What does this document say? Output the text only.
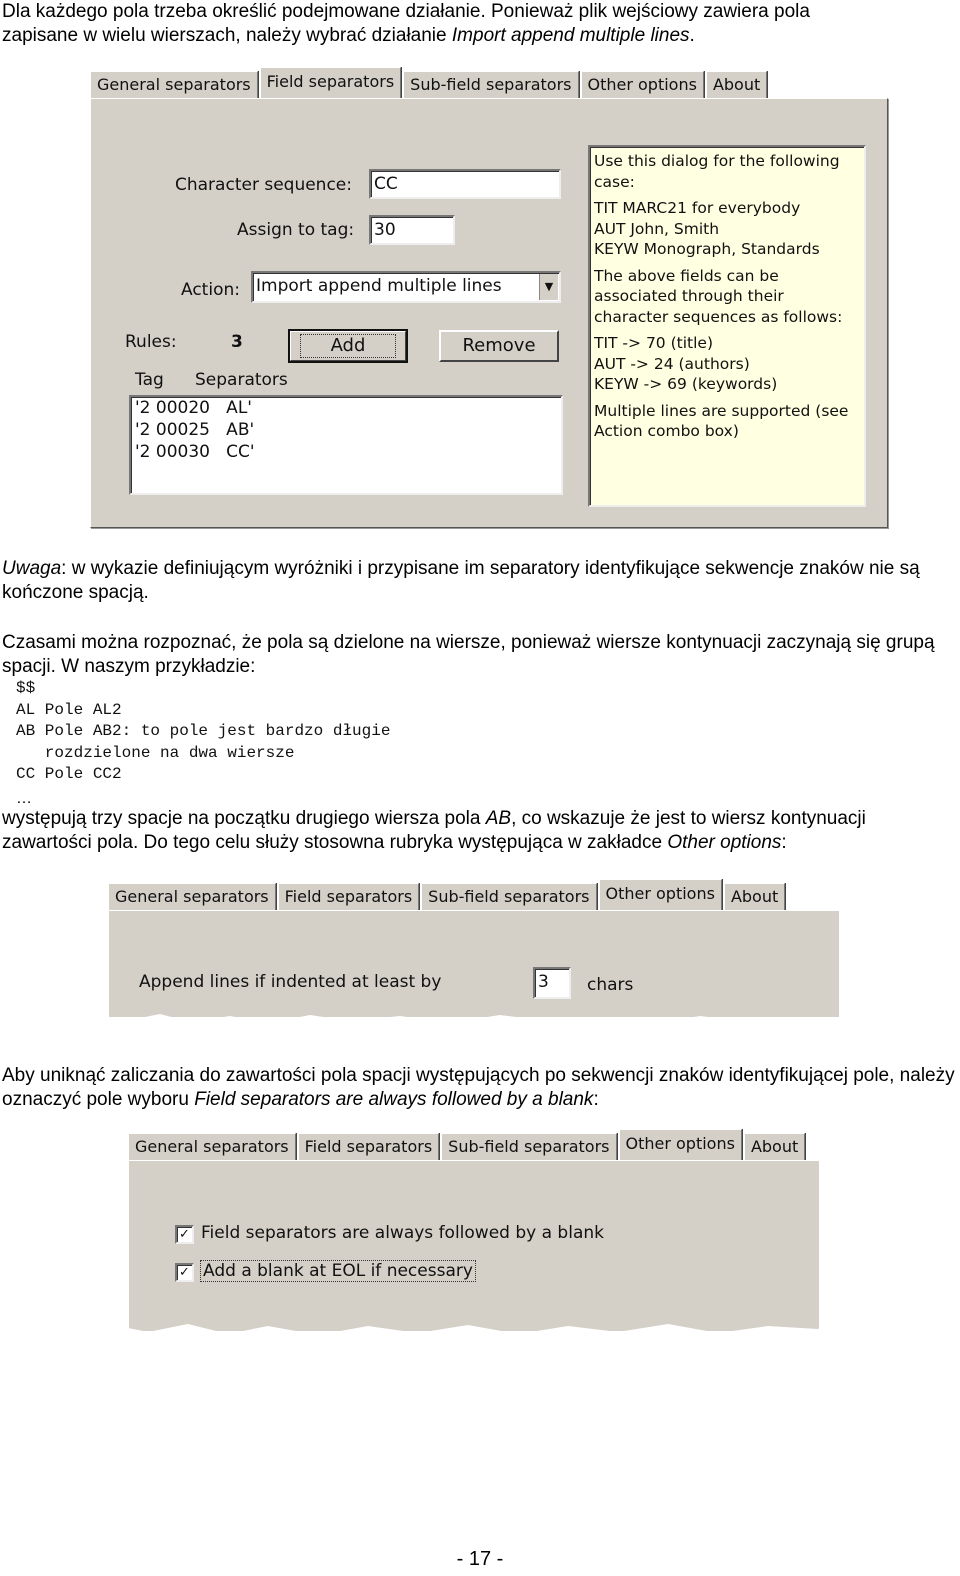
Dla każdego pola trzeba określić podejmowane działanie. Ponieważ plik wejściowy zawiera pola
zapisane w wielu wierszach, należy wybrać działanie Import append multiple lines.

General separators	Field separators	Sub-field separators	Other options	About
Character sequence: CC
Assign to tag: 30
Action: Import append multiple lines	▼
Rules:	3	Add	Remove
Tag Separators
'2 00020   AL'
'2 00025   AB'
'2 00030   CC'

Use this dialog for the following case:

TIT MARC21 for everybody
AUT John, Smith
KEYW Monograph, Standards

The above fields can be associated through their character sequences as follows:

TIT -> 70 (title)
AUT -> 24 (authors)
KEYW -> 69 (keywords)

Multiple lines are supported (see Action combo box)

Uwaga: w wykazie definiującym wyróżniki i przypisane im separatory identyfikujące sekwencje znaków nie są kończone spacją.

Czasami można rozpoznać, że pola są dzielone na wiersze, ponieważ wiersze kontynuacji zaczynają się grupą spacji. W naszym przykładzie:

$$
AL Pole AL2
AB Pole AB2: to pole jest bardzo długie
rozdzielone na dwa wiersze
CC Pole CC2
…

występują trzy spacje na początku drugiego wiersza pola AB, co wskazuje że jest to wiersz kontynuacji zawartości pola. Do tego celu służy stosowna rubryka występująca w zakładce Other options:

General separators	Field separators	Sub-field separators	Other options	About
Append lines if indented at least by	3	chars

Aby uniknąć zaliczania do zawartości pola spacji występujących po sekwencji znaków identyfikującej pole, należy oznaczyć pole wyboru Field separators are always followed by a blank:

General separators	Field separators	Sub-field separators	Other options	About
✓ Field separators are always followed by a blank
✓ Add a blank at EOL if necessary
- 17 -
